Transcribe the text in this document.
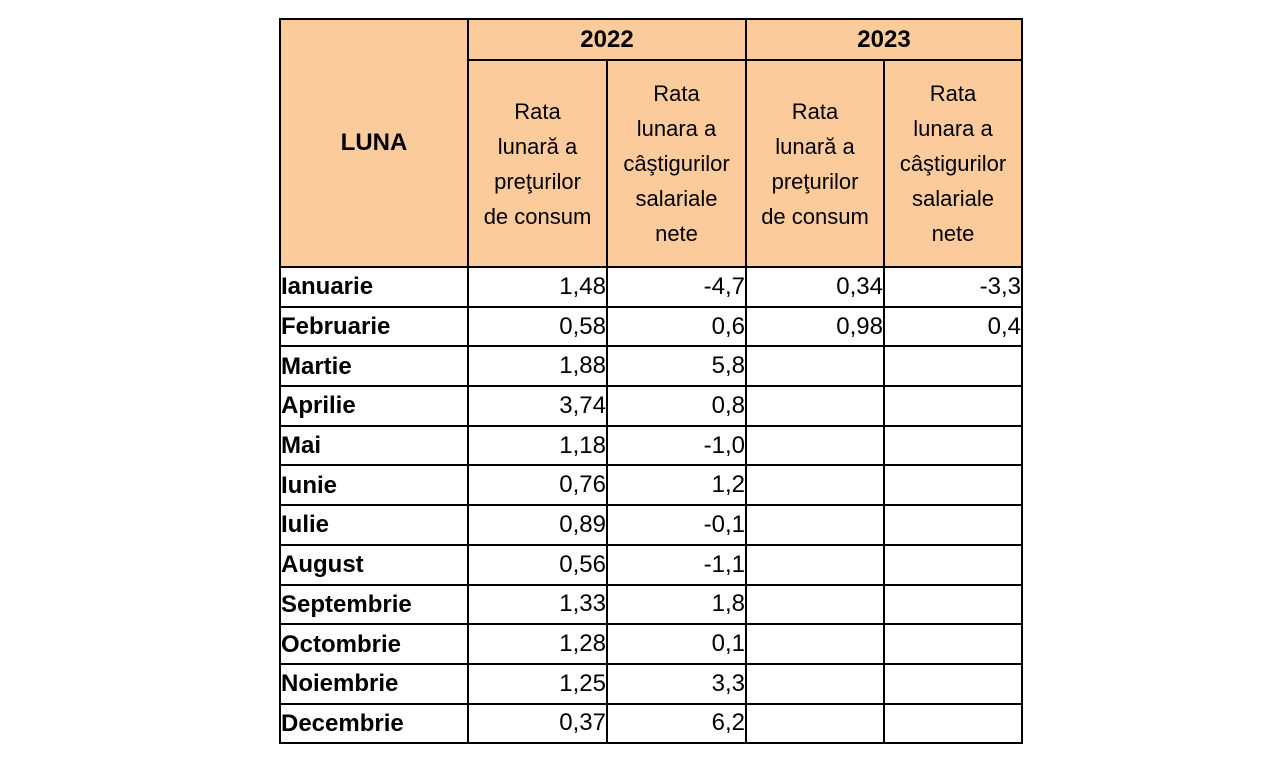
LUNA	2022		2023	
	Rata
lunară a
preţurilor
de consum	Rata
lunara a
câştigurilor
salariale
nete	Rata
lunară a
preţurilor
de consum	Rata
lunara a
câştigurilor
salariale
nete
Ianuarie	1,48	-4,7	0,34	-3,3
Februarie	0,58	0,6	0,98	0,4
Martie	1,88	5,8		
Aprilie	3,74	0,8		
Mai	1,18	-1,0		
Iunie	0,76	1,2		
Iulie	0,89	-0,1		
August	0,56	-1,1		
Septembrie	1,33	1,8		
Octombrie	1,28	0,1		
Noiembrie	1,25	3,3		
Decembrie	0,37	6,2		
